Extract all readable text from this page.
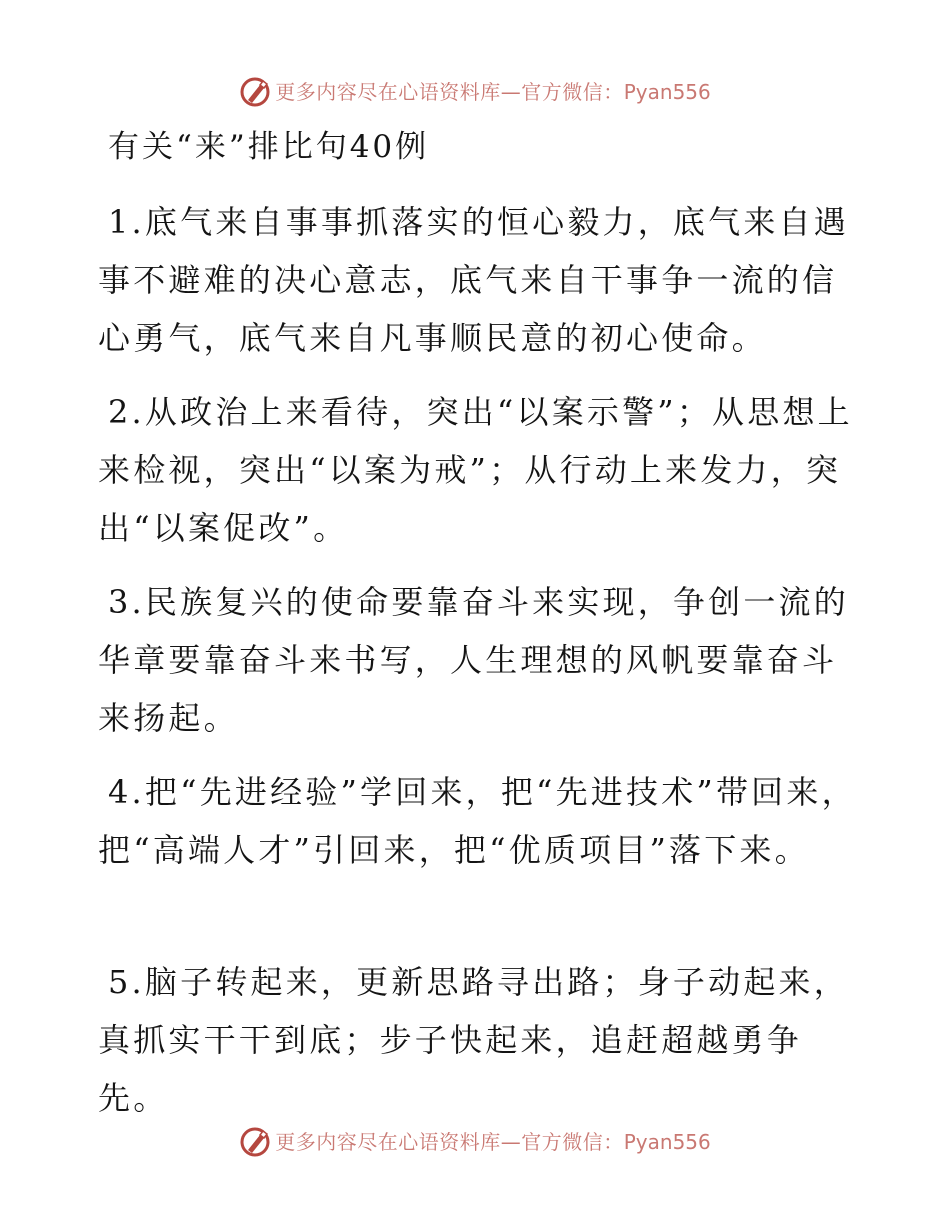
更多内容尽在心语资料库—官方微信： Pyan556
有关“来”排比句40例

1.底气来自事事抓落实的恒心毅力，底气来自遇事不避难的决心意志，底气来自干事争一流的信心勇气，底气来自凡事顺民意的初心使命。

2.从政治上来看待，突出“以案示警”；从思想上来检视，突出“以案为戒”；从行动上来发力，突出“以案促改”。

3.民族复兴的使命要靠奋斗来实现，争创一流的华章要靠奋斗来书写，人生理想的风帆要靠奋斗来扬起。

4.把“先进经验”学回来，把“先进技术”带回来，把“高端人才”引回来，把“优质项目”落下来。

5.脑子转起来，更新思路寻出路；身子动起来，真抓实干干到底；步子快起来，追赶超越勇争先。

更多内容尽在心语资料库—官方微信： Pyan556
